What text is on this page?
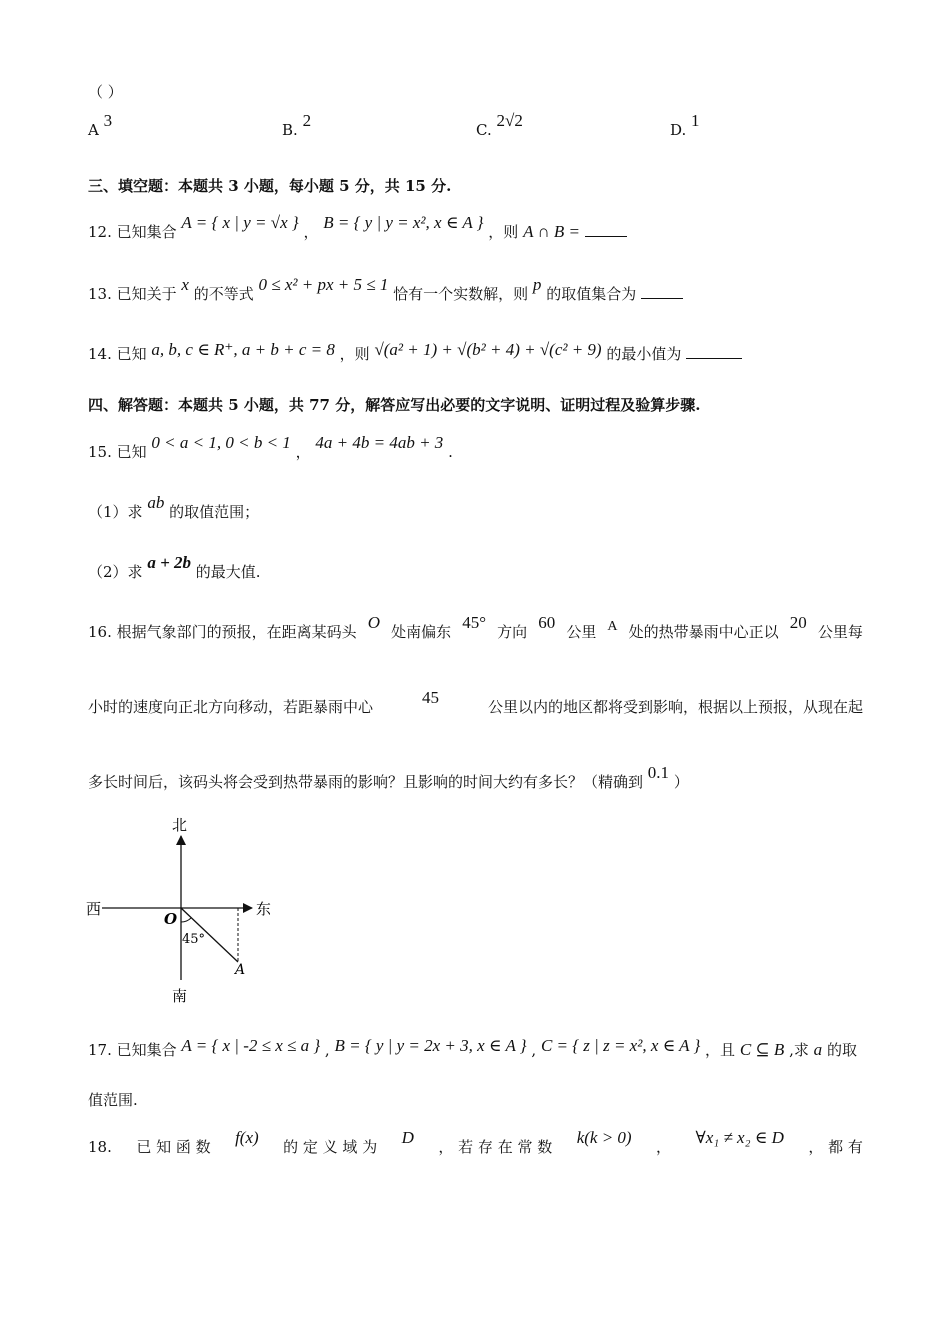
（ ）
A 3	B. 2	C. 2√2	D. 1
三、填空题：本题共 3 小题，每小题 5 分，共 15 分.
12. 已知集合 A = { x | y = √x } ， B = { y | y = x², x ∈ A } ，则 A ∩ B =
13. 已知关于 x 的不等式 0 ≤ x² + px + 5 ≤ 1 恰有一个实数解，则 p 的取值集合为
14. 已知 a, b, c ∈ R⁺, a + b + c = 8 ，则 √(a² + 1) + √(b² + 4) + √(c² + 9) 的最小值为
四、解答题：本题共 5 小题，共 77 分，解答应写出必要的文字说明、证明过程及验算步骤.
15. 已知 0 < a < 1, 0 < b < 1 ， 4a + 4b = 4ab + 3 .
（1）求 ab 的取值范围；
（2）求 a + 2b 的最大值.
16. 根据气象部门的预报，在距离某码头 O 处南偏东 45° 方向 60 公里 A 处的热带暴雨中心正以 20 公里每
小时的速度向正北方向移动，若距暴雨中心	45	公里以内的地区都将受到影响，根据以上预报，从现在起
多长时间后，该码头将会受到热带暴雨的影响？且影响的时间大约有多长？（精确到 0.1 ）
北
南
东
西
O
45°
A
17. 已知集合 A = { x | -2 ≤ x ≤ a } , B = { y | y = 2x + 3, x ∈ A } , C = { z | z = x², x ∈ A } ，且 C ⊆ B ,求 a 的取
值范围.
18. 已 知 函 数 f(x) 的 定 义 域 为 D ， 若 存 在 常 数 k(k > 0) ， ∀x₁ ≠ x₂ ∈ D ， 都 有
